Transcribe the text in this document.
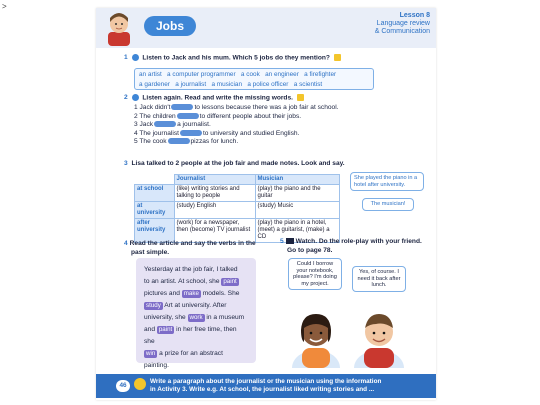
>
Jobs
Lesson 8
Language review
& Communication
1 Listen to Jack and his mum. Which 5 jobs do they mention?
an artist   a computer programmer   a cook   an engineer   a firefighter
a gardener   a journalist   a musician   a police officer   a scientist
2 Listen again. Read and write the missing words.
1 Jack didn't	to lessons because there was a job fair at school.
2 The children	to different people about their jobs.
3 Jack	a journalist.
4 The journalist	to university and studied English.
5 The cook	pizzas for lunch.
3 Lisa talked to 2 people at the job fair and made notes. Look and say.
	Journalist	Musician
at school	(like) writing stories and talking to people	(play) the piano and the guitar
at university	(study) English	(study) Music
after university	(work) for a newspaper, then (become) TV journalist	(play) the piano in a hotel, (meet) a guitarist, (make) a CD
She played the piano in a hotel after university.
The musician!
4 Read the article and say the verbs in the
past simple.
Yesterday at the job fair, I talked
to an artist. At school, she paint
pictures and make models. She
study Art at university. After
university, she work in a museum
and paint in her free time, then she
win a prize for an abstract painting.
5 Watch. Do the role-play with your friend.
Go to page 78.
Could I borrow your notebook, please? I'm doing my project.
Yes, of course. I need it back after lunch.
46
Write a paragraph about the journalist or the musician using the information
in Activity 3. Write e.g. At school, the journalist liked writing stories and ...
